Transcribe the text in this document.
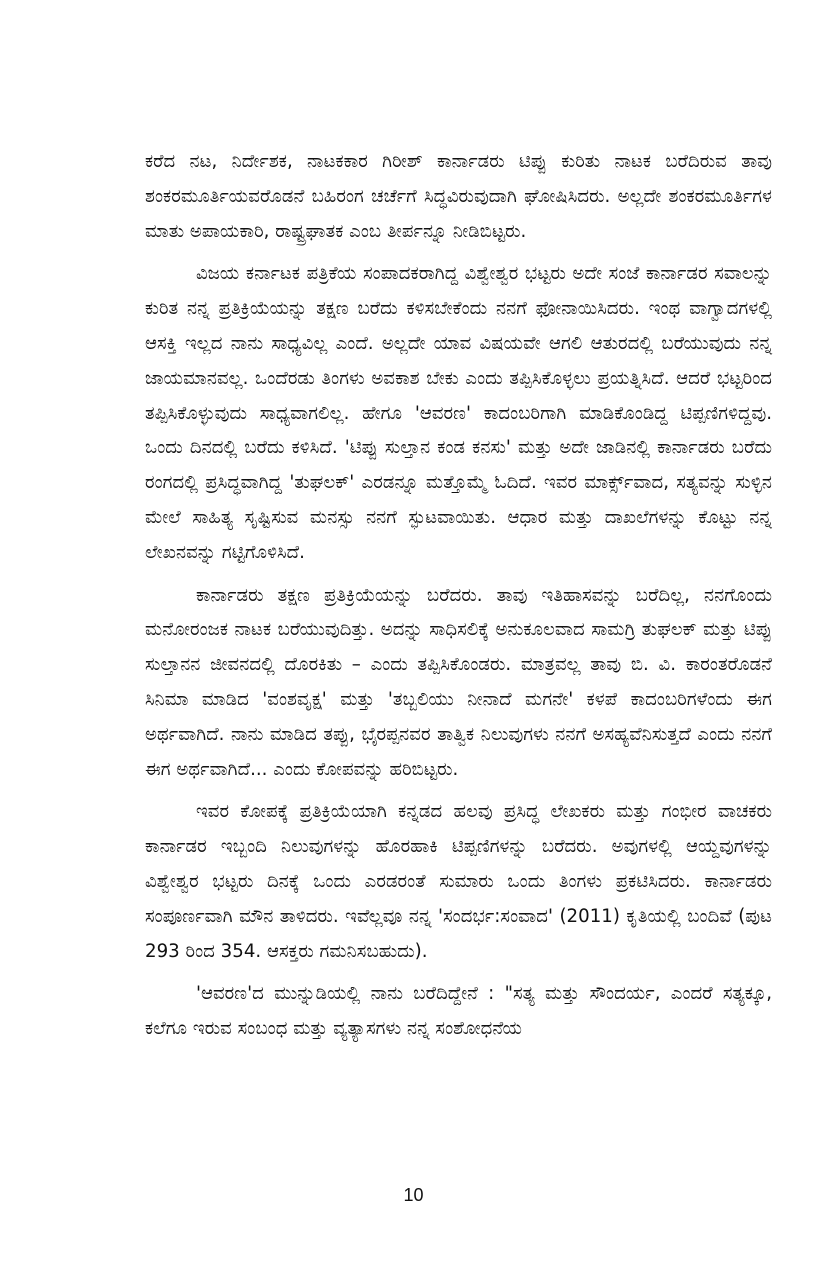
ಕರೆದ ನಟ, ನಿರ್ದೇಶಕ, ನಾಟಕಕಾರ ಗಿರೀಶ್ ಕಾರ್ನಾಡರು ಟಿಪ್ಪು ಕುರಿತು ನಾಟಕ ಬರೆದಿರುವ ತಾವು ಶಂಕರಮೂರ್ತಿಯವರೊಡನೆ ಬಹಿರಂಗ ಚರ್ಚೆಗೆ ಸಿದ್ಧವಿರುವುದಾಗಿ ಘೋಷಿಸಿದರು. ಅಲ್ಲದೇ ಶಂಕರಮೂರ್ತಿಗಳ ಮಾತು ಅಪಾಯಕಾರಿ, ರಾಷ್ಟ್ರಘಾತಕ ಎಂಬ ತೀರ್ಪನ್ನೂ ನೀಡಿಬಿಟ್ಟರು.

ವಿಜಯ ಕರ್ನಾಟಕ ಪತ್ರಿಕೆಯ ಸಂಪಾದಕರಾಗಿದ್ದ ವಿಶ್ವೇಶ್ವರ ಭಟ್ಟರು ಅದೇ ಸಂಜೆ ಕಾರ್ನಾಡರ ಸವಾಲನ್ನು ಕುರಿತ ನನ್ನ ಪ್ರತಿಕ್ರಿಯೆಯನ್ನು ತಕ್ಷಣ ಬರೆದು ಕಳಿಸಬೇಕೆಂದು ನನಗೆ ಫೋನಾಯಿಸಿದರು. ಇಂಥ ವಾಗ್ವಾದಗಳಲ್ಲಿ ಆಸಕ್ತಿ ಇಲ್ಲದ ನಾನು ಸಾಧ್ಯವಿಲ್ಲ ಎಂದೆ. ಅಲ್ಲದೇ ಯಾವ ವಿಷಯವೇ ಆಗಲಿ ಆತುರದಲ್ಲಿ ಬರೆಯುವುದು ನನ್ನ ಜಾಯಮಾನವಲ್ಲ. ಒಂದೆರಡು ತಿಂಗಳು ಅವಕಾಶ ಬೇಕು ಎಂದು ತಪ್ಪಿಸಿಕೊಳ್ಳಲು ಪ್ರಯತ್ನಿಸಿದೆ. ಆದರೆ ಭಟ್ಟರಿಂದ ತಪ್ಪಿಸಿಕೊಳ್ಳುವುದು ಸಾಧ್ಯವಾಗಲಿಲ್ಲ. ಹೇಗೂ 'ಆವರಣ' ಕಾದಂಬರಿಗಾಗಿ ಮಾಡಿಕೊಂಡಿದ್ದ ಟಿಪ್ಪಣಿಗಳಿದ್ದವು. ಒಂದು ದಿನದಲ್ಲಿ ಬರೆದು ಕಳಿಸಿದೆ. 'ಟಿಪ್ಪು ಸುಲ್ತಾನ ಕಂಡ ಕನಸು' ಮತ್ತು ಅದೇ ಜಾಡಿನಲ್ಲಿ ಕಾರ್ನಾಡರು ಬರೆದು ರಂಗದಲ್ಲಿ ಪ್ರಸಿದ್ಧವಾಗಿದ್ದ 'ತುಘಲಕ್' ಎರಡನ್ನೂ ಮತ್ತೊಮ್ಮೆ ಓದಿದೆ. ಇವರ ಮಾರ್ಕ್ಸ್‌ವಾದ, ಸತ್ಯವನ್ನು ಸುಳ್ಳಿನ ಮೇಲೆ ಸಾಹಿತ್ಯ ಸೃಷ್ಟಿಸುವ ಮನಸ್ಸು ನನಗೆ ಸ್ಫುಟವಾಯಿತು. ಆಧಾರ ಮತ್ತು ದಾಖಲೆಗಳನ್ನು ಕೊಟ್ಟು ನನ್ನ ಲೇಖನವನ್ನು ಗಟ್ಟಿಗೊಳಿಸಿದೆ.

ಕಾರ್ನಾಡರು ತಕ್ಷಣ ಪ್ರತಿಕ್ರಿಯೆಯನ್ನು ಬರೆದರು. ತಾವು ಇತಿಹಾಸವನ್ನು ಬರೆದಿಲ್ಲ, ನನಗೊಂದು ಮನೋರಂಜಕ ನಾಟಕ ಬರೆಯುವುದಿತ್ತು. ಅದನ್ನು ಸಾಧಿಸಲಿಕ್ಕೆ ಅನುಕೂಲವಾದ ಸಾಮಗ್ರಿ ತುಘಲಕ್ ಮತ್ತು ಟಿಪ್ಪು ಸುಲ್ತಾನನ ಜೀವನದಲ್ಲಿ ದೊರಕಿತು – ಎಂದು ತಪ್ಪಿಸಿಕೊಂಡರು. ಮಾತ್ರವಲ್ಲ ತಾವು ಬಿ. ವಿ. ಕಾರಂತರೊಡನೆ ಸಿನಿಮಾ ಮಾಡಿದ 'ವಂಶವೃಕ್ಷ' ಮತ್ತು 'ತಬ್ಬಲಿಯು ನೀನಾದೆ ಮಗನೇ' ಕಳಪೆ ಕಾದಂಬರಿಗಳೆಂದು ಈಗ ಅರ್ಥವಾಗಿದೆ. ನಾನು ಮಾಡಿದ ತಪ್ಪು, ಭೈರಪ್ಪನವರ ತಾತ್ವಿಕ ನಿಲುವುಗಳು ನನಗೆ ಅಸಹ್ಯವೆನಿಸುತ್ತದೆ ಎಂದು ನನಗೆ ಈಗ ಅರ್ಥವಾಗಿದೆ... ಎಂದು ಕೋಪವನ್ನು ಹರಿಬಿಟ್ಟರು.

ಇವರ ಕೋಪಕ್ಕೆ ಪ್ರತಿಕ್ರಿಯೆಯಾಗಿ ಕನ್ನಡದ ಹಲವು ಪ್ರಸಿದ್ಧ ಲೇಖಕರು ಮತ್ತು ಗಂಭೀರ ವಾಚಕರು ಕಾರ್ನಾಡರ ಇಬ್ಬಂದಿ ನಿಲುವುಗಳನ್ನು ಹೊರಹಾಕಿ ಟಿಪ್ಪಣಿಗಳನ್ನು ಬರೆದರು. ಅವುಗಳಲ್ಲಿ ಆಯ್ದವುಗಳನ್ನು ವಿಶ್ವೇಶ್ವರ ಭಟ್ಟರು ದಿನಕ್ಕೆ ಒಂದು ಎರಡರಂತೆ ಸುಮಾರು ಒಂದು ತಿಂಗಳು ಪ್ರಕಟಿಸಿದರು. ಕಾರ್ನಾಡರು ಸಂಪೂರ್ಣವಾಗಿ ಮೌನ ತಾಳಿದರು. ಇವೆಲ್ಲವೂ ನನ್ನ 'ಸಂದರ್ಭ:ಸಂವಾದ' (2011) ಕೃತಿಯಲ್ಲಿ ಬಂದಿವೆ (ಪುಟ 293 ರಿಂದ 354. ಆಸಕ್ತರು ಗಮನಿಸಬಹುದು).

'ಆವರಣ'ದ ಮುನ್ನುಡಿಯಲ್ಲಿ ನಾನು ಬರೆದಿದ್ದೇನೆ : "ಸತ್ಯ ಮತ್ತು ಸೌಂದರ್ಯ, ಎಂದರೆ ಸತ್ಯಕ್ಕೂ, ಕಲೆಗೂ ಇರುವ ಸಂಬಂಧ ಮತ್ತು ವ್ಯತ್ಯಾಸಗಳು ನನ್ನ ಸಂಶೋಧನೆಯ

10
